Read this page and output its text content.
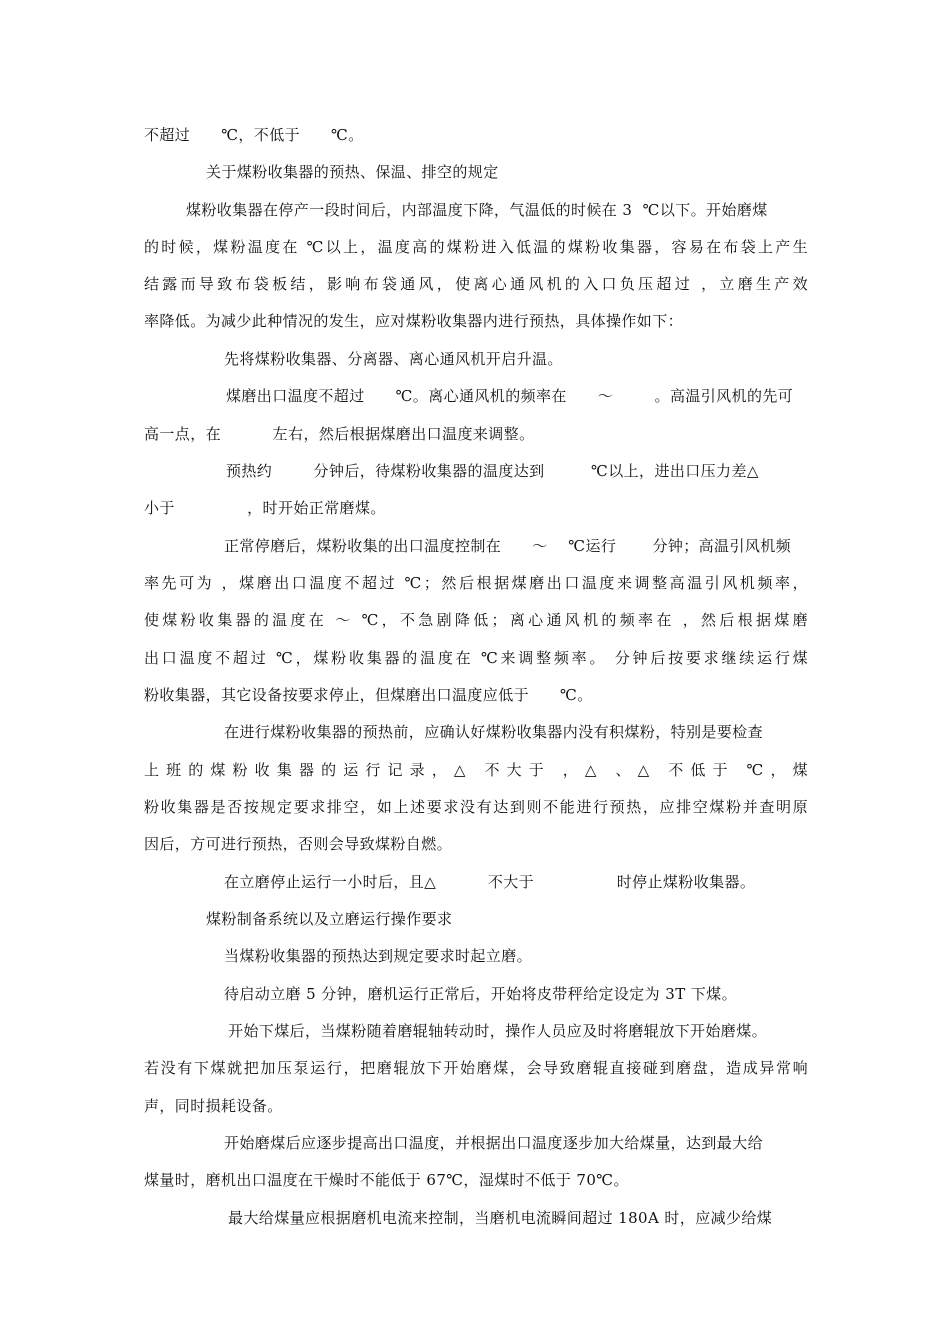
不超过      ℃，不低于      ℃。
关于煤粉收集器的预热、保温、排空的规定
煤粉收集器在停产一段时间后，内部温度下降，气温低的时候在 3  ℃以下。开始磨煤
的时候，煤粉温度在 ℃以上，温度高的煤粉进入低温的煤粉收集器，容易在布袋上产生
结露而导致布袋板结，影响布袋通风，使离心通风机的入口负压超过 ，立磨生产效
率降低。为减少此种情况的发生，应对煤粉收集器内进行预热，具体操作如下：
先将煤粉收集器、分离器、离心通风机开启升温。
煤磨出口温度不超过      ℃。离心通风机的频率在      ～        。高温引风机的先可
高一点，在          左右，然后根据煤磨出口温度来调整。
预热约        分钟后，待煤粉收集器的温度达到         ℃以上，进出口压力差△
小于              ，时开始正常磨煤。
正常停磨后，煤粉收集的出口温度控制在      ～    ℃运行       分钟；高温引风机频
率先可为 ，煤磨出口温度不超过 ℃；然后根据煤磨出口温度来调整高温引风机频率，
使煤粉收集器的温度在 ～ ℃，不急剧降低；离心通风机的频率在 ，然后根据煤磨
出口温度不超过 ℃，煤粉收集器的温度在 ℃来调整频率。 分钟后按要求继续运行煤
粉收集器，其它设备按要求停止，但煤磨出口温度应低于      ℃。
在进行煤粉收集器的预热前，应确认好煤粉收集器内没有积煤粉，特别是要检查
上班的煤粉收集器的运行记录，△ 不大于 ，△ 、△ 不低于 ℃，煤
粉收集器是否按规定要求排空，如上述要求没有达到则不能进行预热，应排空煤粉并查明原
因后，方可进行预热，否则会导致煤粉自燃。
在立磨停止运行一小时后，且△          不大于                时停止煤粉收集器。
煤粉制备系统以及立磨运行操作要求
当煤粉收集器的预热达到规定要求时起立磨。
待启动立磨 5 分钟，磨机运行正常后，开始将皮带秤给定设定为 3T 下煤。
开始下煤后，当煤粉随着磨辊轴转动时，操作人员应及时将磨辊放下开始磨煤。
若没有下煤就把加压泵运行，把磨辊放下开始磨煤，会导致磨辊直接碰到磨盘，造成异常响
声，同时损耗设备。
开始磨煤后应逐步提高出口温度，并根据出口温度逐步加大给煤量，达到最大给
煤量时，磨机出口温度在干燥时不能低于 67℃，湿煤时不低于 70℃。
最大给煤量应根据磨机电流来控制，当磨机电流瞬间超过 180A 时，应减少给煤
